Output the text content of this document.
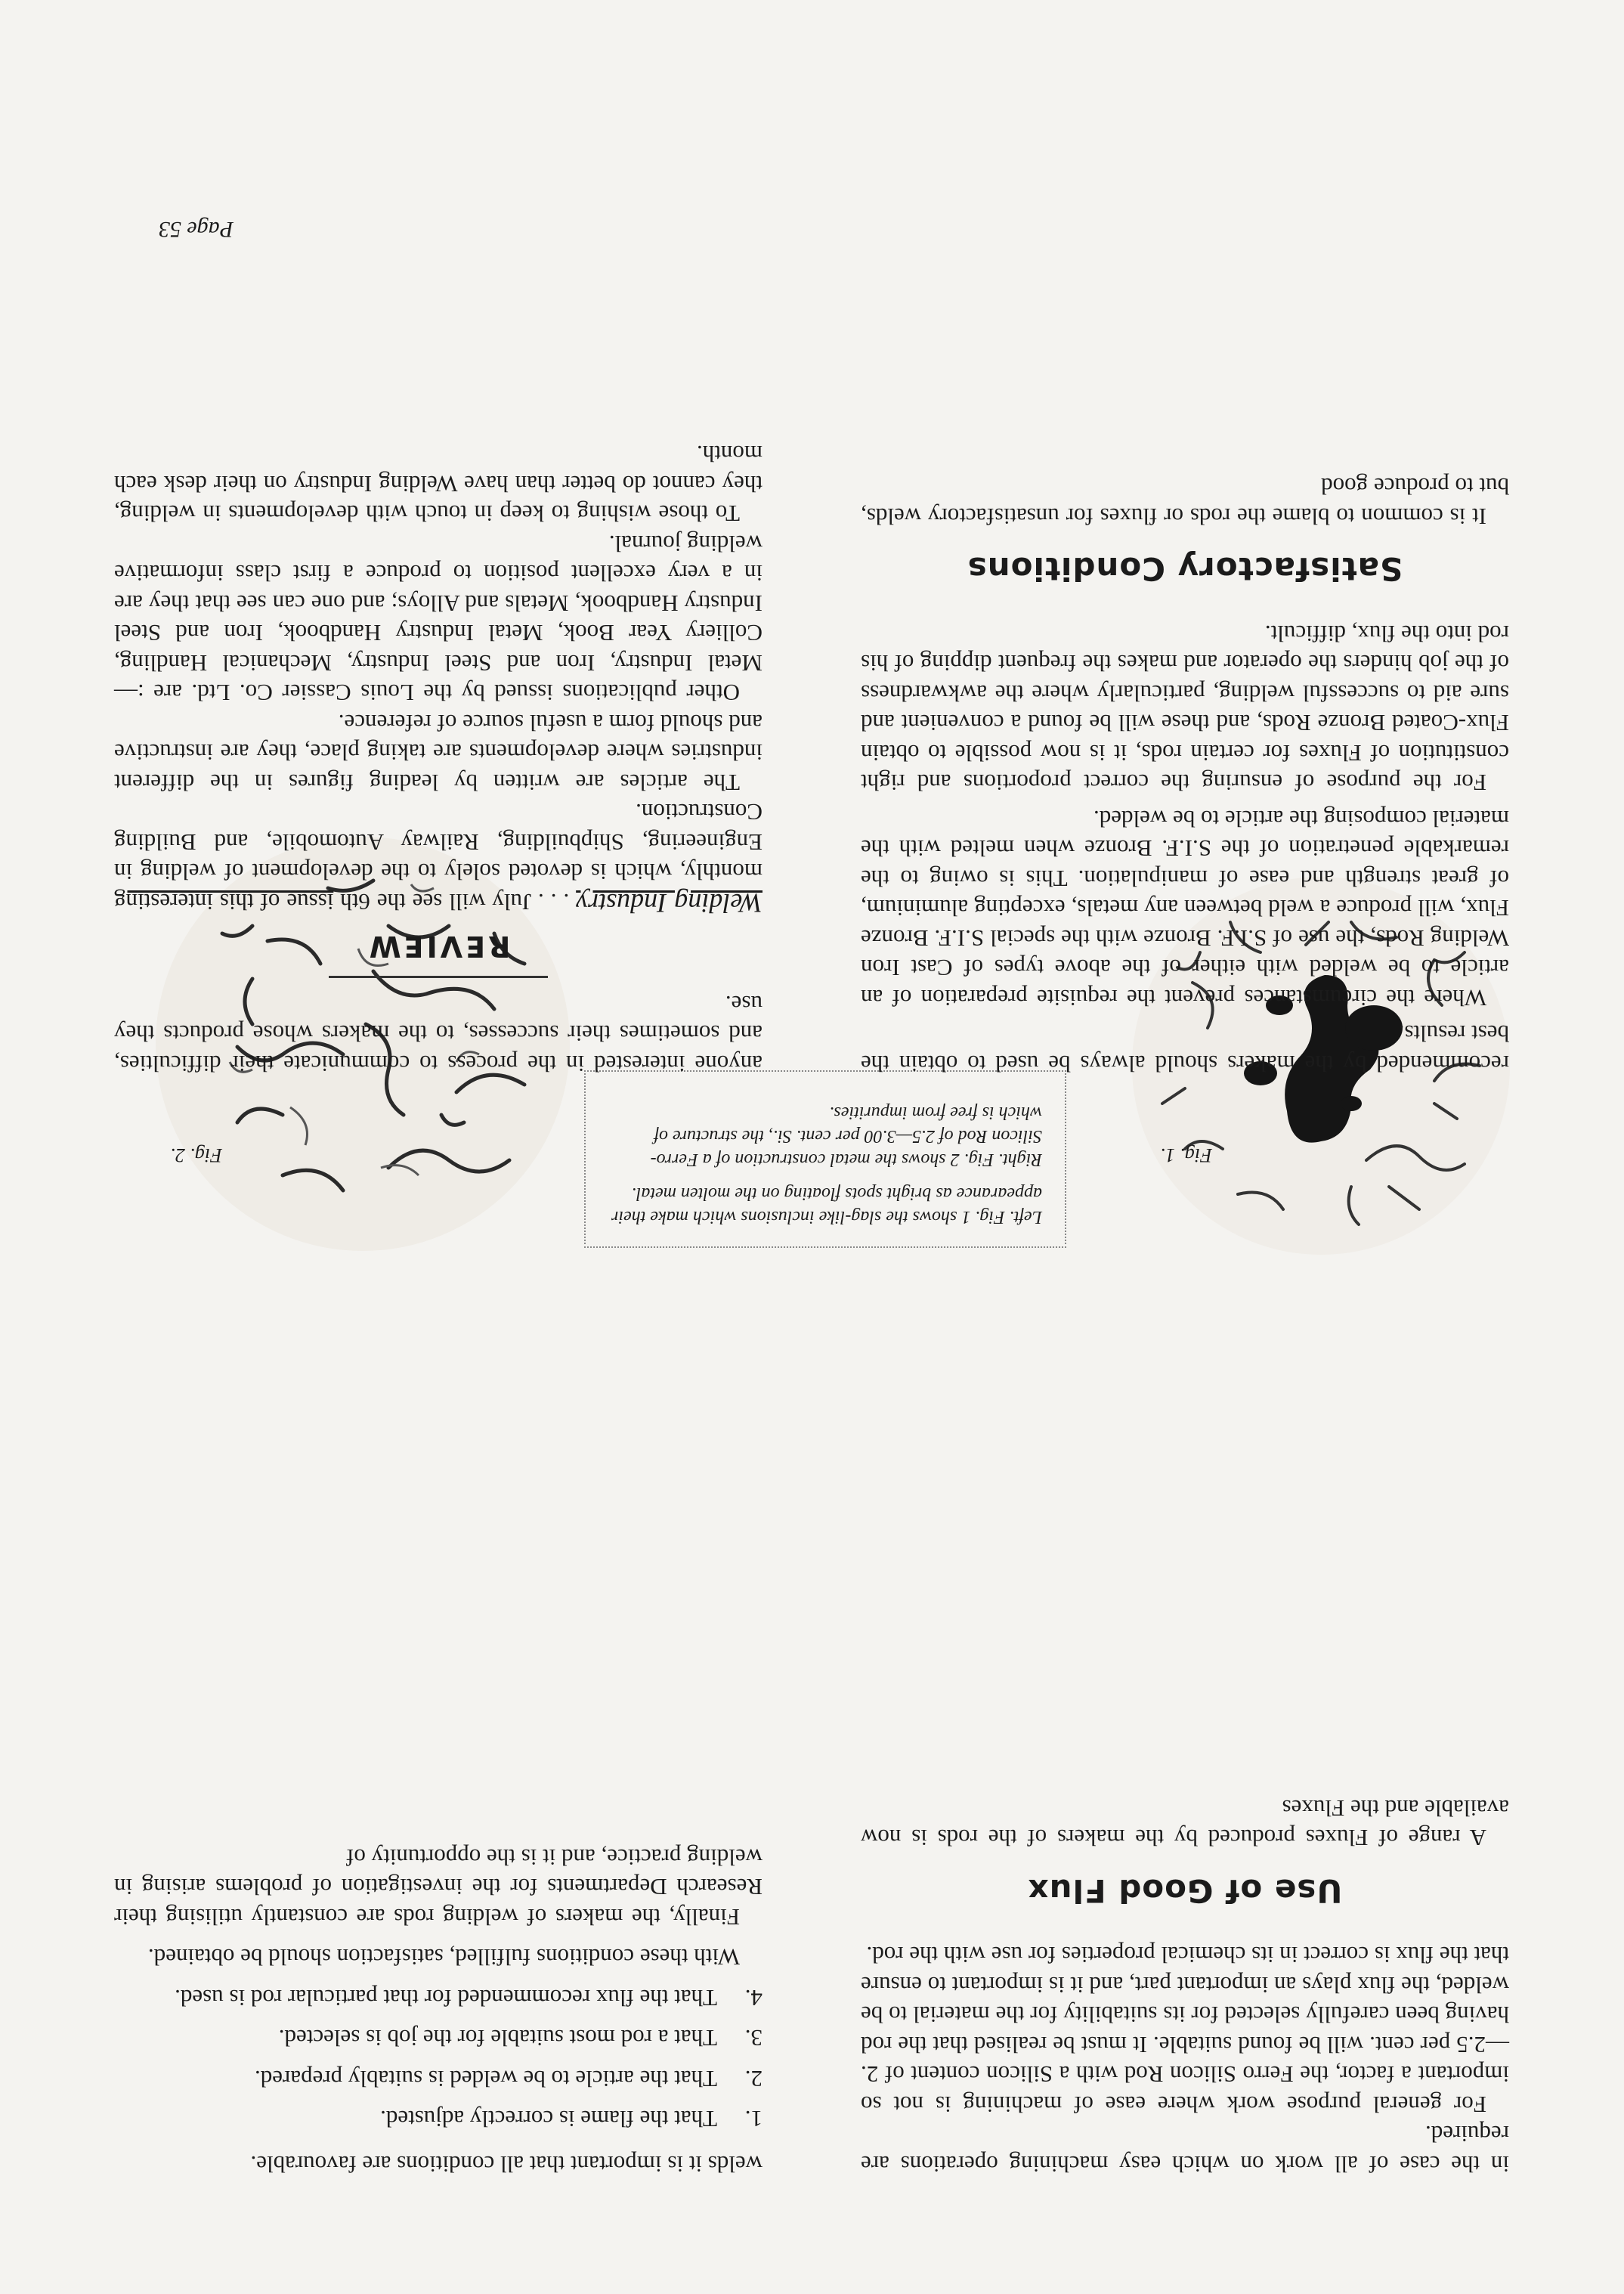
in the case of all work on which easy machining operations are required.

For general purpose work where ease of machining is not so important a factor, the Ferro Silicon Rod with a Silicon content of 2.—2.5 per cent. will be found suitable. It must be realised that the rod having been carefully selected for its suitability for the material to be welded, the flux plays an important part, and it is important to ensure that the flux is correct in its chemical properties for use with the rod.

Use of Good Flux

A range of Fluxes produced by the makers of the rods is now available and the Fluxes

welds it is important that all conditions are favourable.

1.
That the flame is correctly adjusted.
2.
That the article to be welded is suitably prepared.
3.
That a rod most suitable for the job is selected.
4.
That the flux recommended for that particular rod is used.

With these conditions fulfilled, satisfaction should be obtained.

Finally, the makers of welding rods are constantly utilising their Research Departments for the investigation of problems arising in welding practice, and it is the opportunity of

Fig. 1.

Left. Fig. 1 shows the slag-like inclusions which make their appearance as bright spots floating on the molten metal.

Right. Fig. 2 shows the metal construction of a Ferro-Silicon Rod of 2.5—3.00 per cent. Si., the structure of which is free from impurities.

Fig. 2.

recommended by the makers should always be used to obtain the best results.

Where the circumstances prevent the requisite preparation of an article to be welded with either of the above types of Cast Iron Welding Rods, the use of S.I.F. Bronze with the special S.I.F. Bronze Flux, will produce a weld between any metals, excepting aluminium, of great strength and ease of manipulation. This is owing to the remarkable penetration of the S.I.F. Bronze when melted with the material composing the article to be welded.

For the purpose of ensuring the correct proportions and right constitution of Fluxes for certain rods, it is now possible to obtain Flux-Coated Bronze Rods, and these will be found a convenient and sure aid to successful welding, particularly where the awkwardness of the job hinders the operator and makes the frequent dipping of his rod into the flux, difficult.

Satisfactory Conditions

It is common to blame the rods or fluxes for unsatisfactory welds, but to produce good

anyone interested in the process to communicate their difficulties, and sometimes their successes, to the makers whose products they use.

REVIEW

Welding Industry . . . July will see the 6th issue of this interesting monthly, which is devoted solely to the development of welding in Engineering, Shipbuilding, Railway Automobile, and Building Construction.

The articles are written by leading figures in the different industries where developments are taking place, they are instructive and should form a useful source of reference.

Other publications issued by the Louis Cassier Co. Ltd. are :— Metal Industry, Iron and Steel Industry, Mechanical Handling, Colliery Year Book, Metal Industry Handbook, Iron and Steel Industry Handbook, Metals and Alloys; and one can see that they are in a very excellent position to produce a first class informative welding journal.

To those wishing to keep in touch with developments in welding, they cannot do better than have Welding Industry on their desk each month.

Page 53
